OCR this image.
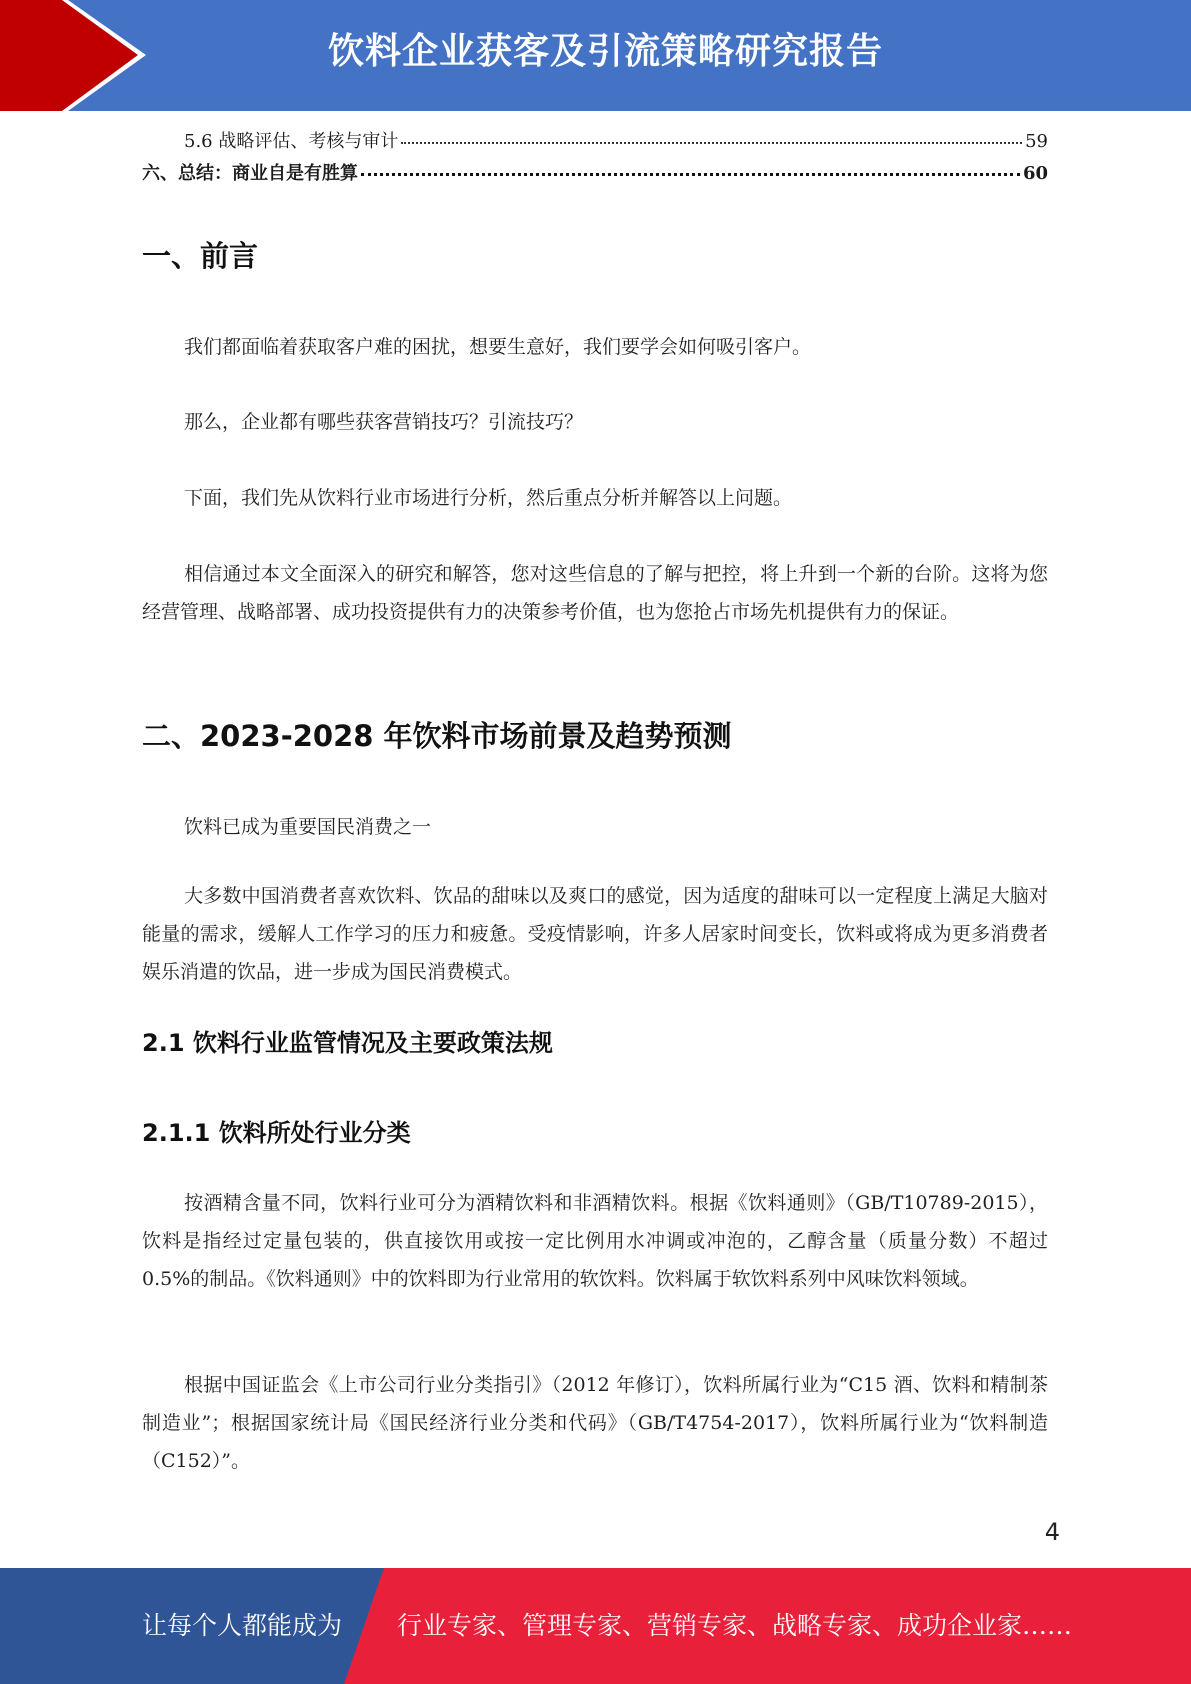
饮料企业获客及引流策略研究报告
5.6 战略评估、考核与审计	59
六、总结：商业自是有胜算	60
一、前言

我们都面临着获取客户难的困扰，想要生意好，我们要学会如何吸引客户。

那么，企业都有哪些获客营销技巧？引流技巧？

下面，我们先从饮料行业市场进行分析，然后重点分析并解答以上问题。

相信通过本文全面深入的研究和解答，您对这些信息的了解与把控，将上升到一个新的台阶。这将为您经营管理、战略部署、成功投资提供有力的决策参考价值，也为您抢占市场先机提供有力的保证。

二、2023-2028 年饮料市场前景及趋势预测

饮料已成为重要国民消费之一

大多数中国消费者喜欢饮料、饮品的甜味以及爽口的感觉，因为适度的甜味可以一定程度上满足大脑对能量的需求，缓解人工作学习的压力和疲惫。受疫情影响，许多人居家时间变长，饮料或将成为更多消费者娱乐消遣的饮品，进一步成为国民消费模式。

2.1 饮料行业监管情况及主要政策法规
2.1.1 饮料所处行业分类

按酒精含量不同，饮料行业可分为酒精饮料和非酒精饮料。根据《饮料通则》（GB/T10789-2015），饮料是指经过定量包装的，供直接饮用或按一定比例用水冲调或冲泡的，乙醇含量（质量分数）不超过 0.5%的制品。《饮料通则》中的饮料即为行业常用的软饮料。饮料属于软饮料系列中风味饮料领域。

根据中国证监会《上市公司行业分类指引》（2012 年修订），饮料所属行业为“C15 酒、饮料和精制茶制造业”；根据国家统计局《国民经济行业分类和代码》（GB/T4754-2017），饮料所属行业为“饮料制造（C152）”。

4
让每个人都能成为 行业专家、管理专家、营销专家、战略专家、成功企业家……
